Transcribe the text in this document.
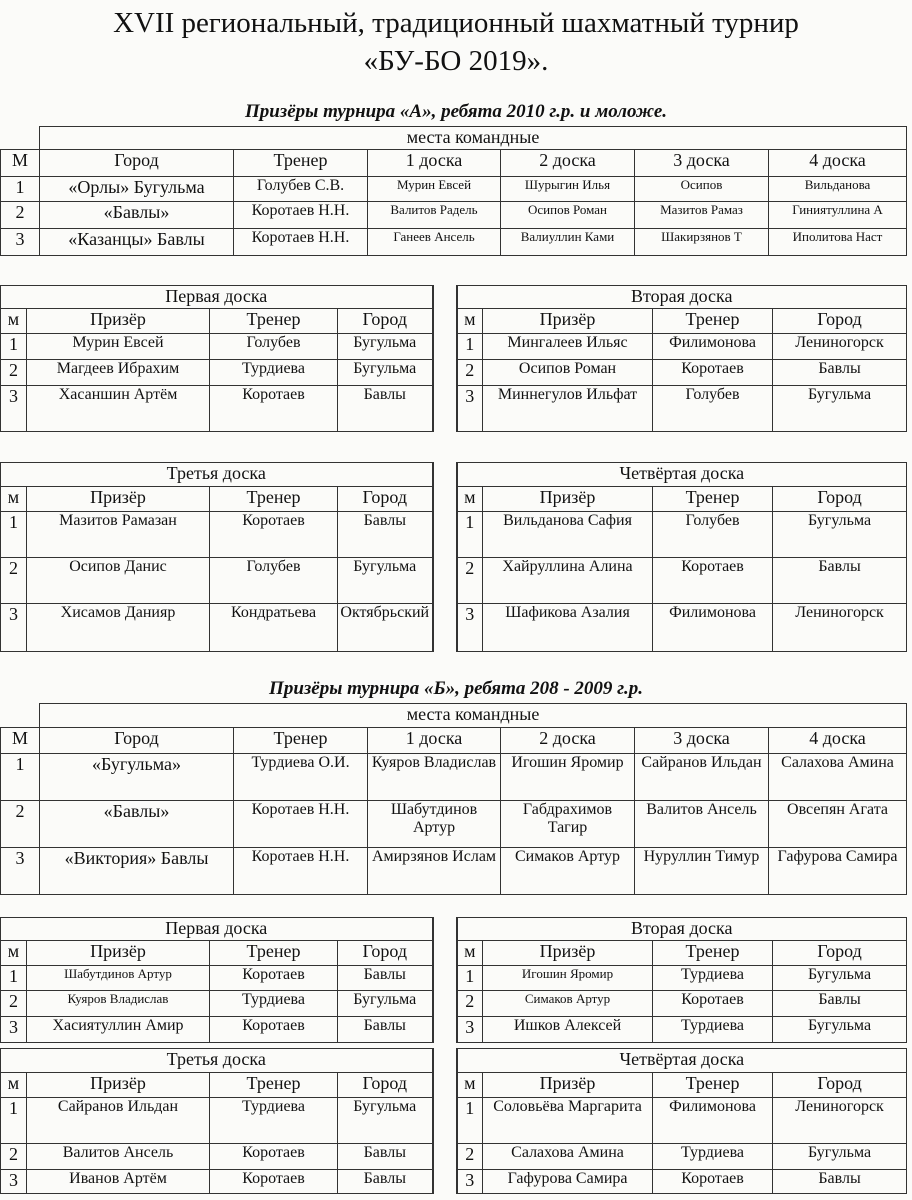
XVII региональный, традиционный шахматный турнир
«БУ-БО 2019».
Призёры турнира «А», ребята 2010 г.р. и моложе.
	места командные					
М	Город	Тренер	1 доска	2 доска	3 доска	4 доска
1	«Орлы» Бугульма	Голубев С.В.	Мурин Евсей	Шурыгин Илья	Осипов	Вильданова
2	«Бавлы»	Коротаев Н.Н.	Валитов Радель	Осипов Роман	Мазитов Рамаз	Гиниятуллина А
3	«Казанцы» Бавлы	Коротаев Н.Н.	Ганеев Ансель	Валиуллин Ками	Шакирзянов Т	Иполитова Наст
Первая доска					Вторая доска			
м	Призёр	Тренер	Город		м	Призёр	Тренер	Город
1	Мурин Евсей	Голубев	Бугульма		1	Мингалеев Ильяс	Филимонова	Лениногорск
2	Магдеев Ибрахим	Турдиева	Бугульма		2	Осипов Роман	Коротаев	Бавлы
3	Хасаншин Артём	Коротаев	Бавлы		3	Миннегулов Ильфат	Голубев	Бугульма
Третья доска					Четвёртая доска			
м	Призёр	Тренер	Город		м	Призёр	Тренер	Город
1	Мазитов Рамазан	Коротаев	Бавлы		1	Вильданова Сафия	Голубев	Бугульма
2	Осипов Данис	Голубев	Бугульма		2	Хайруллина Алина	Коротаев	Бавлы
3	Хисамов Данияр	Кондратьева	Октябрьский		3	Шафикова Азалия	Филимонова	Лениногорск
Призёры турнира «Б», ребята 208 - 2009 г.р.
	места командные					
М	Город	Тренер	1 доска	2 доска	3 доска	4 доска
1	«Бугульма»	Турдиева О.И.	Куяров Владислав	Игошин Яромир	Сайранов Ильдан	Салахова Амина
2	«Бавлы»	Коротаев Н.Н.	Шабутдинов Артур	Габдрахимов Тагир	Валитов Ансель	Овсепян Агата
3	«Виктория» Бавлы	Коротаев Н.Н.	Амирзянов Ислам	Симаков Артур	Нуруллин Тимур	Гафурова Самира
Первая доска					Вторая доска			
м	Призёр	Тренер	Город		м	Призёр	Тренер	Город
1	Шабутдинов Артур	Коротаев	Бавлы		1	Игошин Яромир	Турдиева	Бугульма
2	Куяров Владислав	Турдиева	Бугульма		2	Симаков Артур	Коротаев	Бавлы
3	Хасиятуллин Амир	Коротаев	Бавлы		3	Ишков Алексей	Турдиева	Бугульма
Третья доска					Четвёртая доска			
м	Призёр	Тренер	Город		м	Призёр	Тренер	Город
1	Сайранов Ильдан	Турдиева	Бугульма		1	Соловьёва Маргарита	Филимонова	Лениногорск
2	Валитов Ансель	Коротаев	Бавлы		2	Салахова Амина	Турдиева	Бугульма
3	Иванов Артём	Коротаев	Бавлы		3	Гафурова Самира	Коротаев	Бавлы
